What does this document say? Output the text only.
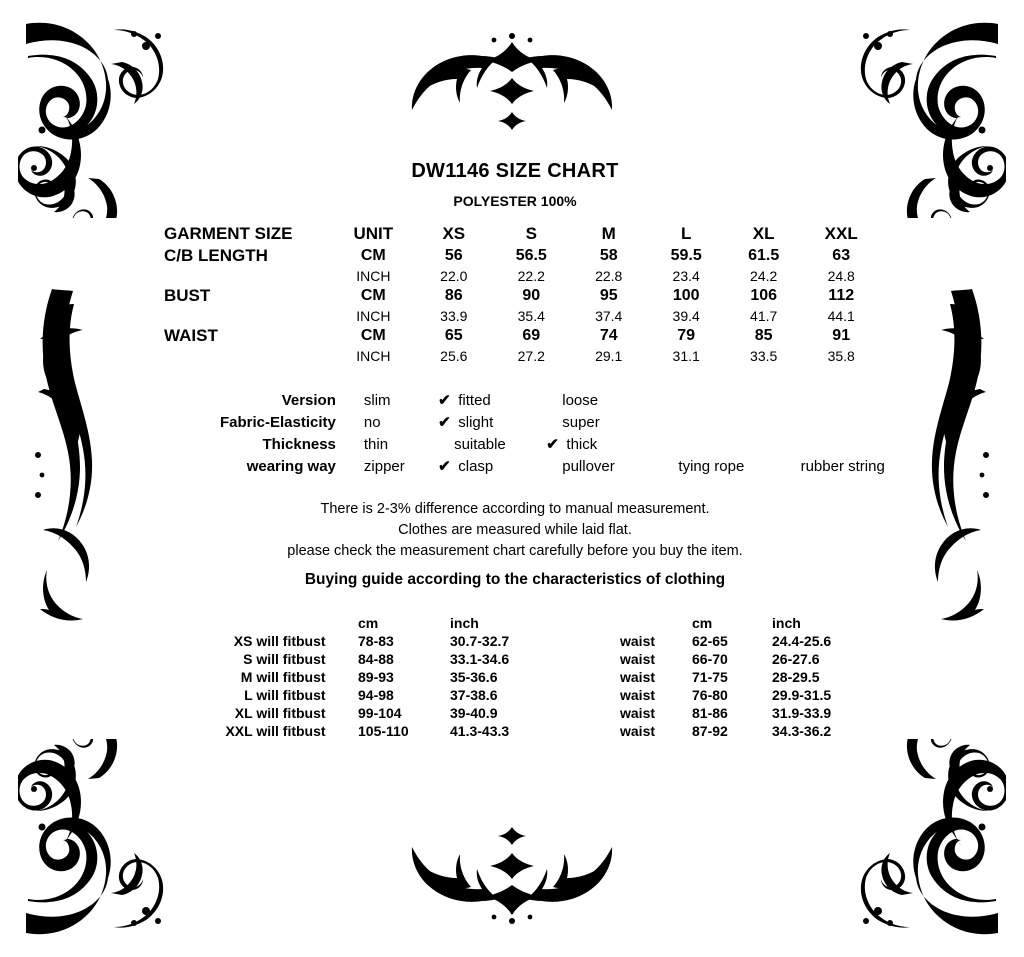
DW1146 SIZE CHART
POLYESTER 100%
GARMENT SIZE	UNIT	XS	S	M	L	XL	XXL
C/B LENGTH	CM	56	56.5	58	59.5	61.5	63
	INCH	22.0	22.2	22.8	23.4	24.2	24.8
BUST	CM	86	90	95	100	106	112
	INCH	33.9	35.4	37.4	39.4	41.7	44.1
WAIST	CM	65	69	74	79	85	91
	INCH	25.6	27.2	29.1	31.1	33.5	35.8
Version	slim ✔ fitted loose
Fabric-Elasticity	no ✔ slight super
Thickness	thin suitable ✔ thick
wearing way	zipper ✔ clasp pullover tying rope rubber string
There is 2-3% difference according to manual measurement.
Clothes are measured while laid flat.
please check the measurement chart carefully before you buy the item.
Buying guide according to the characteristics of clothing
		cm	inch		cm	inch
XS will fit	bust	78-83	30.7-32.7	waist	62-65	24.4-25.6
S will fit	bust	84-88	33.1-34.6	waist	66-70	26-27.6
M will fit	bust	89-93	35-36.6	waist	71-75	28-29.5
L will fit	bust	94-98	37-38.6	waist	76-80	29.9-31.5
XL will fit	bust	99-104	39-40.9	waist	81-86	31.9-33.9
XXL will fit	bust	105-110	41.3-43.3	waist	87-92	34.3-36.2
